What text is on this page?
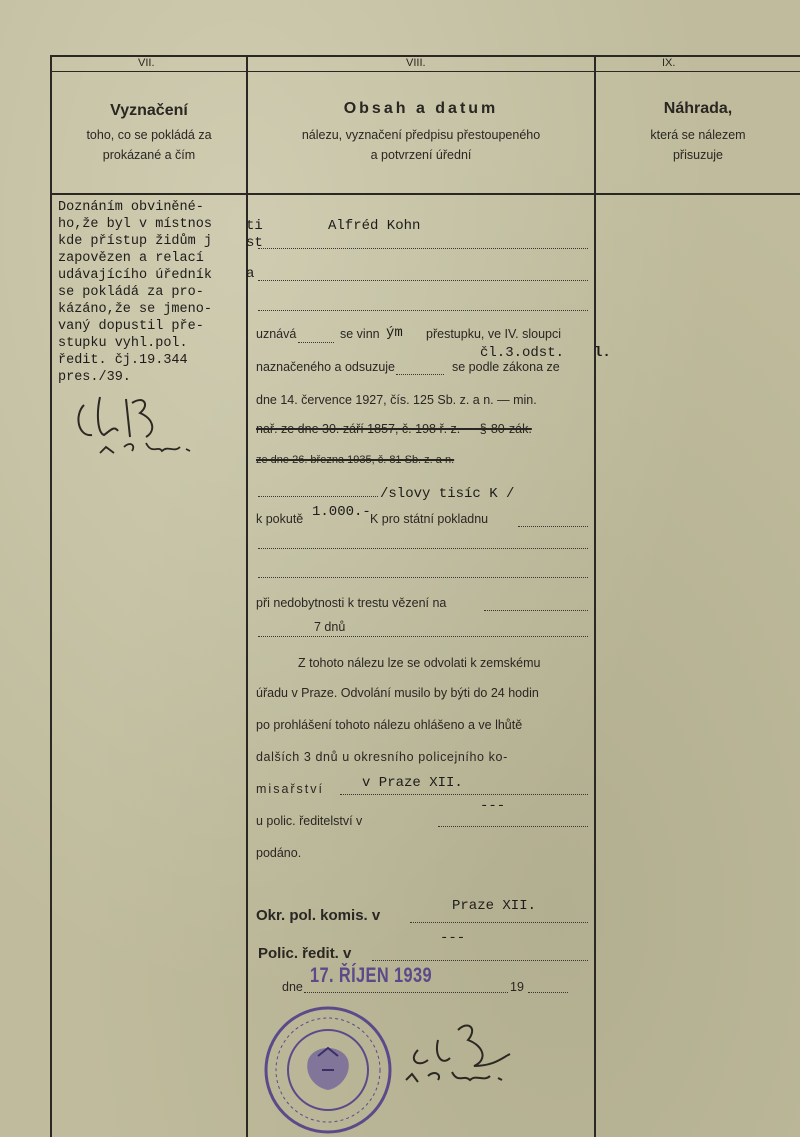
VII.	VIII.	IX.
Vyznačení
toho, co se pokládá za
prokázané a čím
Obsah a datum
nálezu, vyznačení předpisu přestoupeného
a potvrzení úřední
Náhrada,
která se nálezem
přisuzuje
Doznáním obviněné-
ho,že byl v místnos
kde přístup židům j
zapovězen a relací
udávajícího úředník
se pokládá za pro-
kázáno,že se jmeno-
vaný dopustil pře-
stupku vyhl.pol.
ředit. čj.19.344
pres./39.
ti
st
a
Alfréd Kohn
uznává	se vinn ým přestupku, ve IV. sloupci
čl.3.odst. l.
naznačeného a odsuzuje	se podle zákona ze
dne 14. července 1927, čís. 125 Sb. z. a n. — min.
nař. ze dne 30. září 1857, č. 198 ř. z. — §-80-zák.
ze dne 26. března 1935, č. 81 Sb. z. a n.
/slovy tisíc K /
k pokutě 1.000.- K pro státní pokladnu
při nedobytnosti k trestu vězení na
7 dnů
Z tohoto nálezu lze se odvolati k zemskému
úřadu v Praze. Odvolání musilo by býti do 24 hodin
po prohlášení tohoto nálezu ohlášeno a ve lhůtě
dalších 3 dnů u okresního policejního ko-
misařství	v Praze XII.
---
u polic. ředitelství v
podáno.
Praze XII.
Okr. pol. komis. v
---
Polic. ředit. v
dne 17. ŘÍJEN 1939	19
